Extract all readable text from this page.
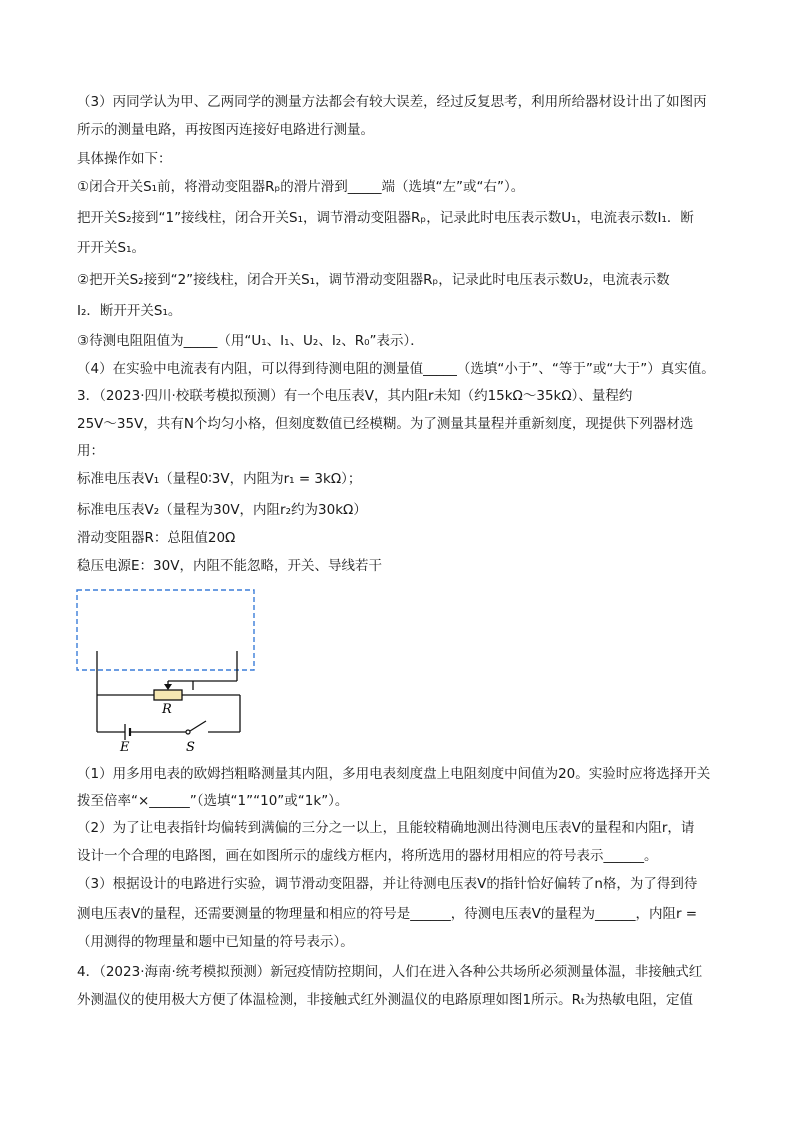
（3）丙同学认为甲、乙两同学的测量方法都会有较大误差，经过反复思考，利用所给器材设计出了如图丙
所示的测量电路，再按图丙连接好电路进行测量。
具体操作如下：
①闭合开关S₁前，将滑动变阻器Rₚ的滑片滑到_____端（选填“左”或“右”）。
把开关S₂接到“1”接线柱，闭合开关S₁，调节滑动变阻器Rₚ，记录此时电压表示数U₁，电流表示数I₁．断
开开关S₁。
②把开关S₂接到“2”接线柱，闭合开关S₁，调节滑动变阻器Rₚ，记录此时电压表示数U₂，电流表示数
I₂．断开开关S₁。
③待测电阻阻值为_____（用“U₁、I₁、U₂、I₂、R₀”表示）．
（4）在实验中电流表有内阻，可以得到待测电阻的测量值_____（选填“小于”、“等于”或“大于”）真实值。
3．（2023·四川·校联考模拟预测）有一个电压表V，其内阻r未知（约15kΩ～35kΩ）、量程约
25V～35V，共有N个均匀小格，但刻度数值已经模糊。为了测量其量程并重新刻度，现提供下列器材选
用：
标准电压表V₁（量程0∶3V，内阻为r₁ = 3kΩ）；
标准电压表V₂（量程为30V，内阻r₂约为30kΩ）
滑动变阻器R：总阻值20Ω
稳压电源E：30V，内阻不能忽略，开关、导线若干
R
E	S
（1）用多用电表的欧姆挡粗略测量其内阻，多用电表刻度盘上电阻刻度中间值为20。实验时应将选择开关
拨至倍率“×______”（选填“1”“10”或“1k”）。
（2）为了让电表指针均偏转到满偏的三分之一以上，且能较精确地测出待测电压表V的量程和内阻r，请
设计一个合理的电路图，画在如图所示的虚线方框内，将所选用的器材用相应的符号表示______。
（3）根据设计的电路进行实验，调节滑动变阻器，并让待测电压表V的指针恰好偏转了n格，为了得到待
测电压表V的量程，还需要测量的物理量和相应的符号是______，待测电压表V的量程为______，内阻r =
（用测得的物理量和题中已知量的符号表示）。
4．（2023·海南·统考模拟预测）新冠疫情防控期间，人们在进入各种公共场所必须测量体温，非接触式红
外测温仪的使用极大方便了体温检测，非接触式红外测温仪的电路原理如图1所示。Rₜ为热敏电阻，定值
